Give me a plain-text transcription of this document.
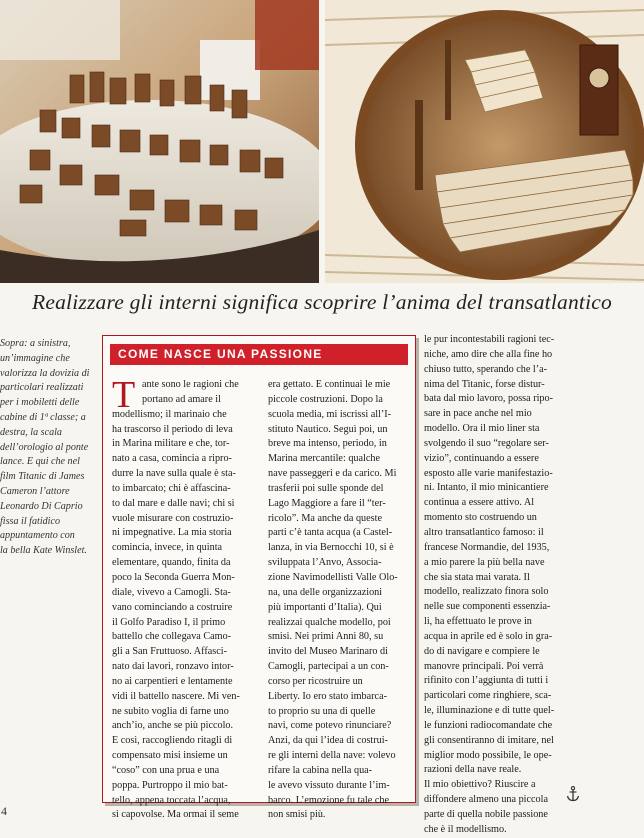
Realizzare gli interni significa scoprire l’anima del transatlantico

Sopra: a sinistra,

un’immagine che

valorizza la dovizia di

particolari realizzati

per i mobiletti delle

cabine di 1ª classe; a

destra, la scala

dell’orologio al ponte

lance. E qui che nel

film Titanic di James

Cameron l’attore

Leonardo Di Caprio

fissa il fatidico

appuntamento con

la bella Kate Winslet.

COME NASCE UNA PASSIONE
T ante sono le ragioni che

portano ad amare il

modellismo; il marinaio che

ha trascorso il periodo di leva

in Marina militare e che, tor-

nato a casa, comincia a ripro-

durre la nave sulla quale è sta-

to imbarcato; chi è affascina-

to dal mare e dalle navi; chi si

vuole misurare con costruzio-

ni impegnative. La mia storia

comincia, invece, in quinta

elementare, quando, finita da

poco la Seconda Guerra Mon-

diale, vivevo a Camogli. Sta-

vano cominciando a costruire

il Golfo Paradiso I, il primo

battello che collegava Camo-

gli a San Fruttuoso. Affasci-

nato dai lavori, ronzavo intor-

no ai carpentieri e lentamente

vidi il battello nascere. Mi ven-

ne subito voglia di farne uno

anch’io, anche se più piccolo.

E così, raccogliendo ritagli di

compensato misi insieme un

“coso” con una prua e una

poppa. Purtroppo il mio bat-

tello, appena toccata l’acqua,

si capovolse. Ma ormai il seme

era gettato. E continuai le mie

piccole costruzioni. Dopo la

scuola media, mi iscrissi all’I-

stituto Nautico. Seguì poi, un

breve ma intenso, periodo, in

Marina mercantile: qualche

nave passeggeri e da carico. Mi

trasferii poi sulle sponde del

Lago Maggiore a fare il “ter-

ricolo”. Ma anche da queste

parti c’è tanta acqua (a Castel-

lanza, in via Bernocchi 10, si è

sviluppata l’Anvo, Associa-

zione Navimodellisti Valle Olo-

na, una delle organizzazioni

più importanti d’Italia). Qui

realizzai qualche modello, poi

smisi. Nei primi Anni 80, su

invito del Museo Marinaro di

Camogli, partecipai a un con-

corso per ricostruire un

Liberty. Io ero stato imbarca-

to proprio su una di quelle

navi, come potevo rinunciare?

Anzi, da qui l’idea di costrui-

re gli interni della nave: volevo

rifare la cabina nella qua-

le avevo vissuto durante l’im-

barco. L’emozione fu tale che

non smisi più.

le pur incontestabili ragioni tec-

niche, amo dire che alla fine ho

chiuso tutto, sperando che l’a-

nima del Titanic, forse distur-

bata dal mio lavoro, possa ripo-

sare in pace anche nel mio

modello. Ora il mio liner sta

svolgendo il suo “regolare ser-

vizio”, continuando a essere

esposto alle varie manifestazio-

ni. Intanto, il mio minicantiere

continua a essere attivo. Al

momento sto costruendo un

altro transatlantico famoso: il

francese Normandie, del 1935,

a mio parere la più bella nave

che sia stata mai varata. Il

modello, realizzato finora solo

nelle sue componenti essenzia-

li, ha effettuato le prove in

acqua in aprile ed è solo in gra-

do di navigare e compiere le

manovre principali. Poi verrà

rifinito con l’aggiunta di tutti i

particolari come ringhiere, sca-

le, illuminazione e di tutte quel-

le funzioni radiocomandate che

gli consentiranno di imitare, nel

miglior modo possibile, le ope-

razioni della nave reale.

Il mio obiettivo? Riuscire a

diffondere almeno una piccola

parte di quella nobile passione

che è il modellismo.

4
